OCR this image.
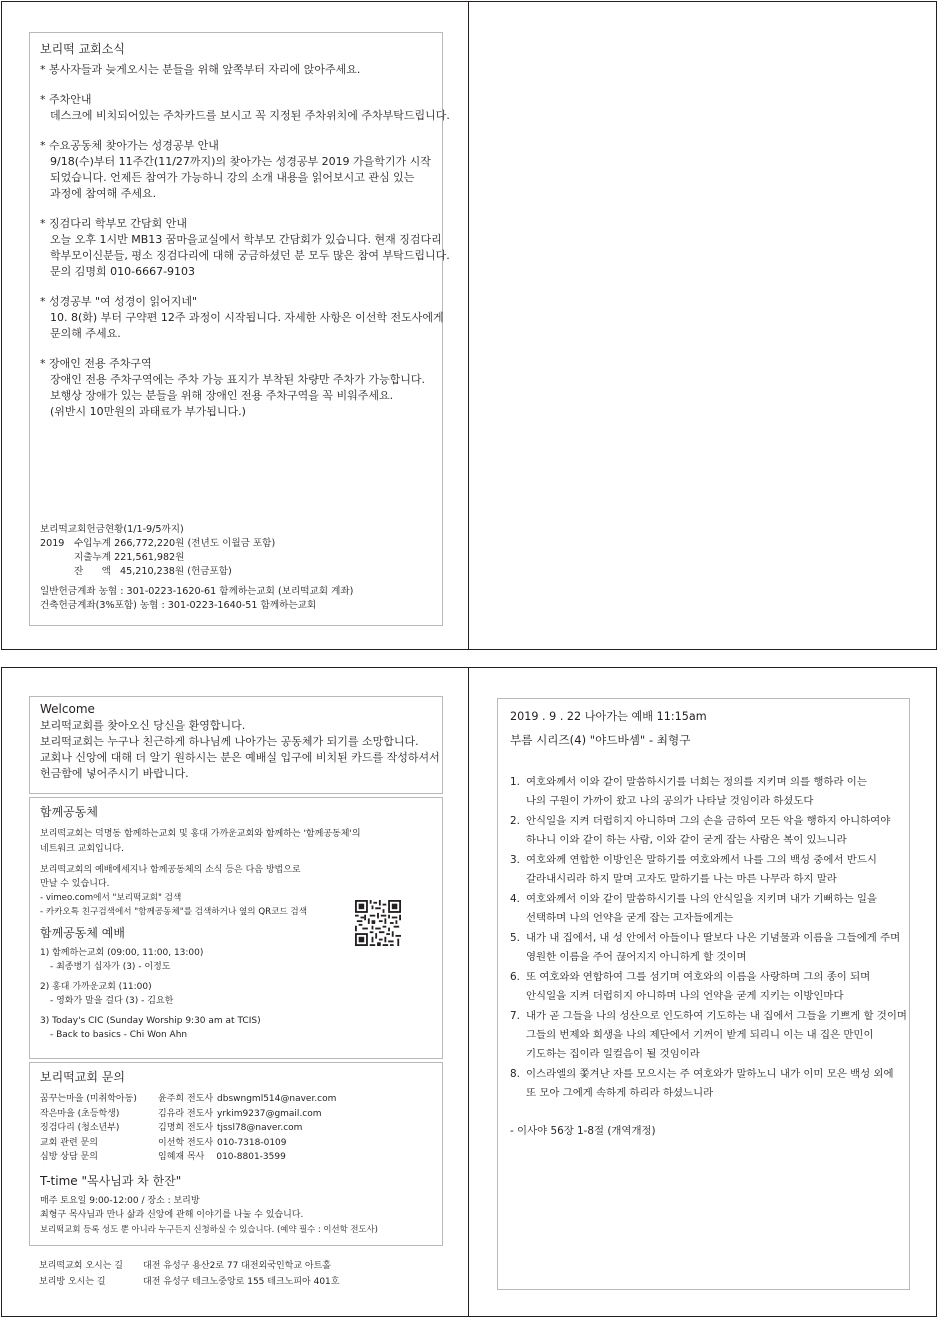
보리떡 교회소식
* 봉사자들과 늦게오시는 분들을 위해 앞쪽부터 자리에 앉아주세요.
* 주차안내
데스크에 비치되어있는 주차카드를 보시고 꼭 지정된 주차위치에 주차부탁드립니다.
* 수요공동체 찾아가는 성경공부 안내
9/18(수)부터 11주간(11/27까지)의 찾아가는 성경공부 2019 가을학기가 시작
되었습니다. 언제든 참여가 가능하니 강의 소개 내용을 읽어보시고 관심 있는
과정에 참여해 주세요.
* 징검다리 학부모 간담회 안내
오늘 오후 1시반 MB13 꿈마을교실에서 학부모 간담회가 있습니다. 현재 징검다리
학부모이신분들, 평소 징검다리에 대해 궁금하셨던 분 모두 많은 참여 부탁드립니다.
문의 김명희 010-6667-9103
* 성경공부 "여 성경이 읽어지네"
10. 8(화) 부터 구약편 12주 과정이 시작됩니다. 자세한 사항은 이선학 전도사에게
문의해 주세요.
* 장애인 전용 주차구역
장애인 전용 주차구역에는 주차 가능 표지가 부착된 차량만 주차가 가능합니다.
보행상 장애가 있는 분들을 위해 장애인 전용 주차구역을 꼭 비워주세요.
(위반시 10만원의 과태료가 부가됩니다.)
보리떡교회헌금현황(1/1-9/5까지)
2019 수입누계 266,772,220원 (전년도 이월금 포함)
지출누계 221,561,982원
잔      액   45,210,238원 (헌금포함)
일반헌금계좌 농협 : 301-0223-1620-61 함께하는교회 (보리떡교회 계좌)
건축헌금계좌(3%포함) 농협 : 301-0223-1640-51 함께하는교회
Welcome
보리떡교회를 찾아오신 당신을 환영합니다.
보리떡교회는 누구나 친근하게 하나님께 나아가는 공동체가 되기를 소망합니다.
교회나 신앙에 대해 더 알기 원하시는 분은 예배실 입구에 비치된 카드를 작성하셔서
헌금함에 넣어주시기 바랍니다.
함께공동체
보리떡교회는 덕명동 함께하는교회 및 홍대 가까운교회와 함께하는 '함께공동체'의
네트워크 교회입니다.
보리떡교회의 예배에세지나 함께공동체의 소식 등은 다음 방법으로
만날 수 있습니다.
- vimeo.com에서 "보리떡교회" 검색
- 카카오톡 친구검색에서 "함께공동체"를 검색하거나 옆의 QR코드 검색
함께공동체 예배
1) 함께하는교회 (09:00, 11:00, 13:00)
- 최종병기 십자가 (3) - 이정도
2) 홍대 가까운교회 (11:00)
- 영화가 말을 걸다 (3) - 김요한
3) Today's CIC (Sunday Worship 9:30 am at TCIS)
- Back to basics - Chi Won Ahn
보리떡교회 문의
꿈꾸는마을 (미취학아동)	윤주희 전도사 dbswngml514@naver.com
작은마을 (초등학생)	김유라 전도사 yrkim9237@gmail.com
징검다리 (청소년부)	김명희 전도사 tjssl78@naver.com
교회 관련 문의	이선학 전도사 010-7318-0109
심방 상담 문의	임혜재 목사 010-8801-3599
T-time "목사님과 차 한잔"
매주 토요일 9:00-12:00 / 장소 : 보리방
최형구 목사님과 만나 삶과 신앙에 관해 이야기를 나눌 수 있습니다.
보리떡교회 등록 성도 뿐 아니라 누구든지 신청하실 수 있습니다. (예약 필수 : 이선학 전도사)
보리떡교회 오시는 길	대전 유성구 용산2로 77 대전외국인학교 아트홀
보리방 오시는 길	대전 유성구 테크노중앙로 155 테크노피아 401호
2019 . 9 . 22 나아가는 예배 11:15am
부름 시리즈(4) "야드바셈" - 최형구
1. 여호와께서 이와 같이 말씀하시기를 너희는 정의를 지키며 의를 행하라 이는
나의 구원이 가까이 왔고 나의 공의가 나타날 것임이라 하셨도다
2. 안식일을 지켜 더럽히지 아니하며 그의 손을 금하여 모든 악을 행하지 아니하여야
하나니 이와 같이 하는 사람, 이와 같이 굳게 잡는 사람은 복이 있느니라
3. 여호와께 연합한 이방인은 말하기를 여호와께서 나를 그의 백성 중에서 반드시
갈라내시리라 하지 말며 고자도 말하기를 나는 마른 나무라 하지 말라
4. 여호와께서 이와 같이 말씀하시기를 나의 안식일을 지키며 내가 기뻐하는 일을
선택하며 나의 언약을 굳게 잡는 고자들에게는
5. 내가 내 집에서, 내 성 안에서 아들이나 딸보다 나은 기념물과 이름을 그들에게 주며
영원한 이름을 주어 끊어지지 아니하게 할 것이며
6. 또 여호와와 연합하여 그를 섬기며 여호와의 이름을 사랑하며 그의 종이 되며
안식일을 지켜 더럽히지 아니하며 나의 언약을 굳게 지키는 이방인마다
7. 내가 곧 그들을 나의 성산으로 인도하여 기도하는 내 집에서 그들을 기쁘게 할 것이며
그들의 번제와 희생을 나의 제단에서 기꺼이 받게 되리니 이는 내 집은 만민이
기도하는 집이라 일컬음이 될 것임이라
8. 이스라엘의 쫓겨난 자를 모으시는 주 여호와가 말하노니 내가 이미 모은 백성 외에
또 모아 그에게 속하게 하리라 하셨느니라
- 이사야 56장 1-8절 (개역개정)
